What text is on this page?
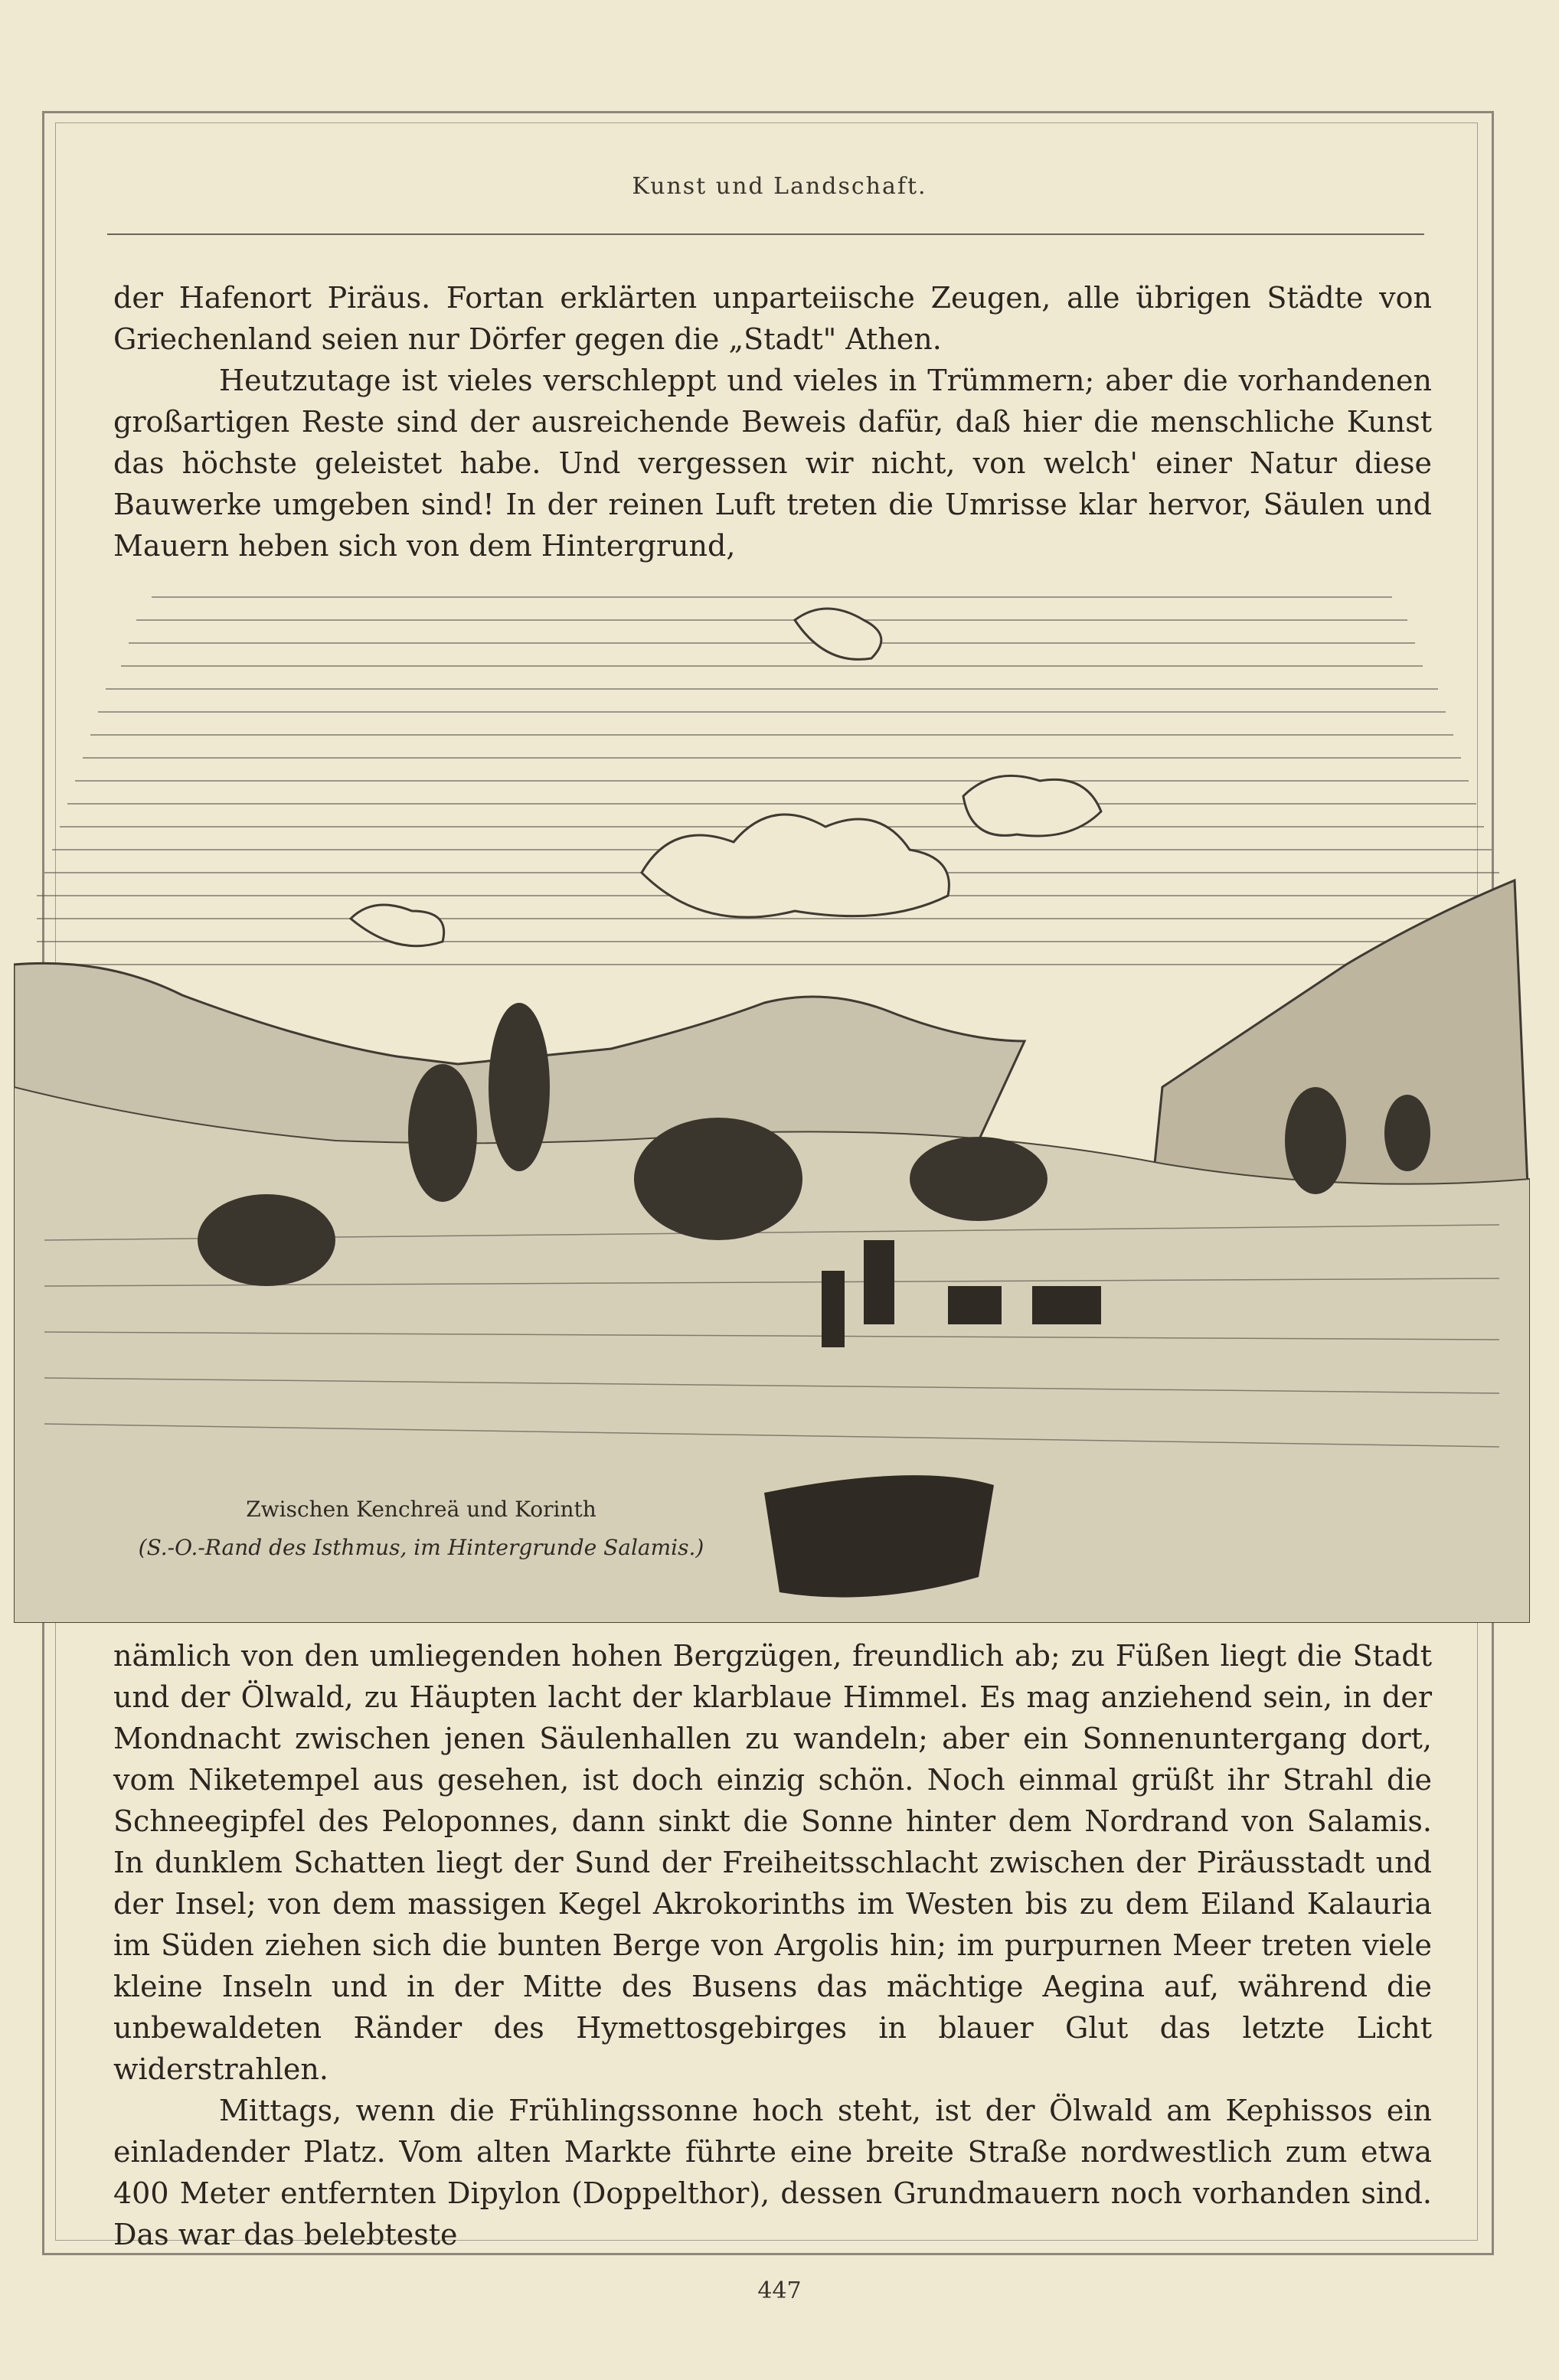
Kunst und Landschaft.

der Hafenort Piräus. Fortan erklärten unparteiische Zeugen, alle übrigen Städte von Griechenland seien nur Dörfer gegen die „Stadt" Athen.

Heutzutage ist vieles verschleppt und vieles in Trümmern; aber die vorhandenen großartigen Reste sind der ausreichende Beweis dafür, daß hier die menschliche Kunst das höchste geleistet habe. Und vergessen wir nicht, von welch' einer Natur diese Bauwerke umgeben sind! In der reinen Luft treten die Umrisse klar hervor, Säulen und Mauern heben sich von dem Hintergrund,

Zwischen Kenchreä und Korinth
(S.-O.-Rand des Isthmus, im Hintergrunde Salamis.)

nämlich von den umliegenden hohen Bergzügen, freundlich ab; zu Füßen liegt die Stadt und der Ölwald, zu Häupten lacht der klarblaue Himmel. Es mag anziehend sein, in der Mondnacht zwischen jenen Säulenhallen zu wandeln; aber ein Sonnenuntergang dort, vom Niketempel aus gesehen, ist doch einzig schön. Noch einmal grüßt ihr Strahl die Schneegipfel des Peloponnes, dann sinkt die Sonne hinter dem Nordrand von Salamis. In dunklem Schatten liegt der Sund der Freiheitsschlacht zwischen der Piräusstadt und der Insel; von dem massigen Kegel Akrokorinths im Westen bis zu dem Eiland Kalauria im Süden ziehen sich die bunten Berge von Argolis hin; im purpurnen Meer treten viele kleine Inseln und in der Mitte des Busens das mächtige Aegina auf, während die unbewaldeten Ränder des Hymettosgebirges in blauer Glut das letzte Licht widerstrahlen.

Mittags, wenn die Frühlingssonne hoch steht, ist der Ölwald am Kephissos ein einladender Platz. Vom alten Markte führte eine breite Straße nordwestlich zum etwa 400 Meter entfernten Dipylon (Doppelthor), dessen Grundmauern noch vorhanden sind. Das war das belebteste

447
